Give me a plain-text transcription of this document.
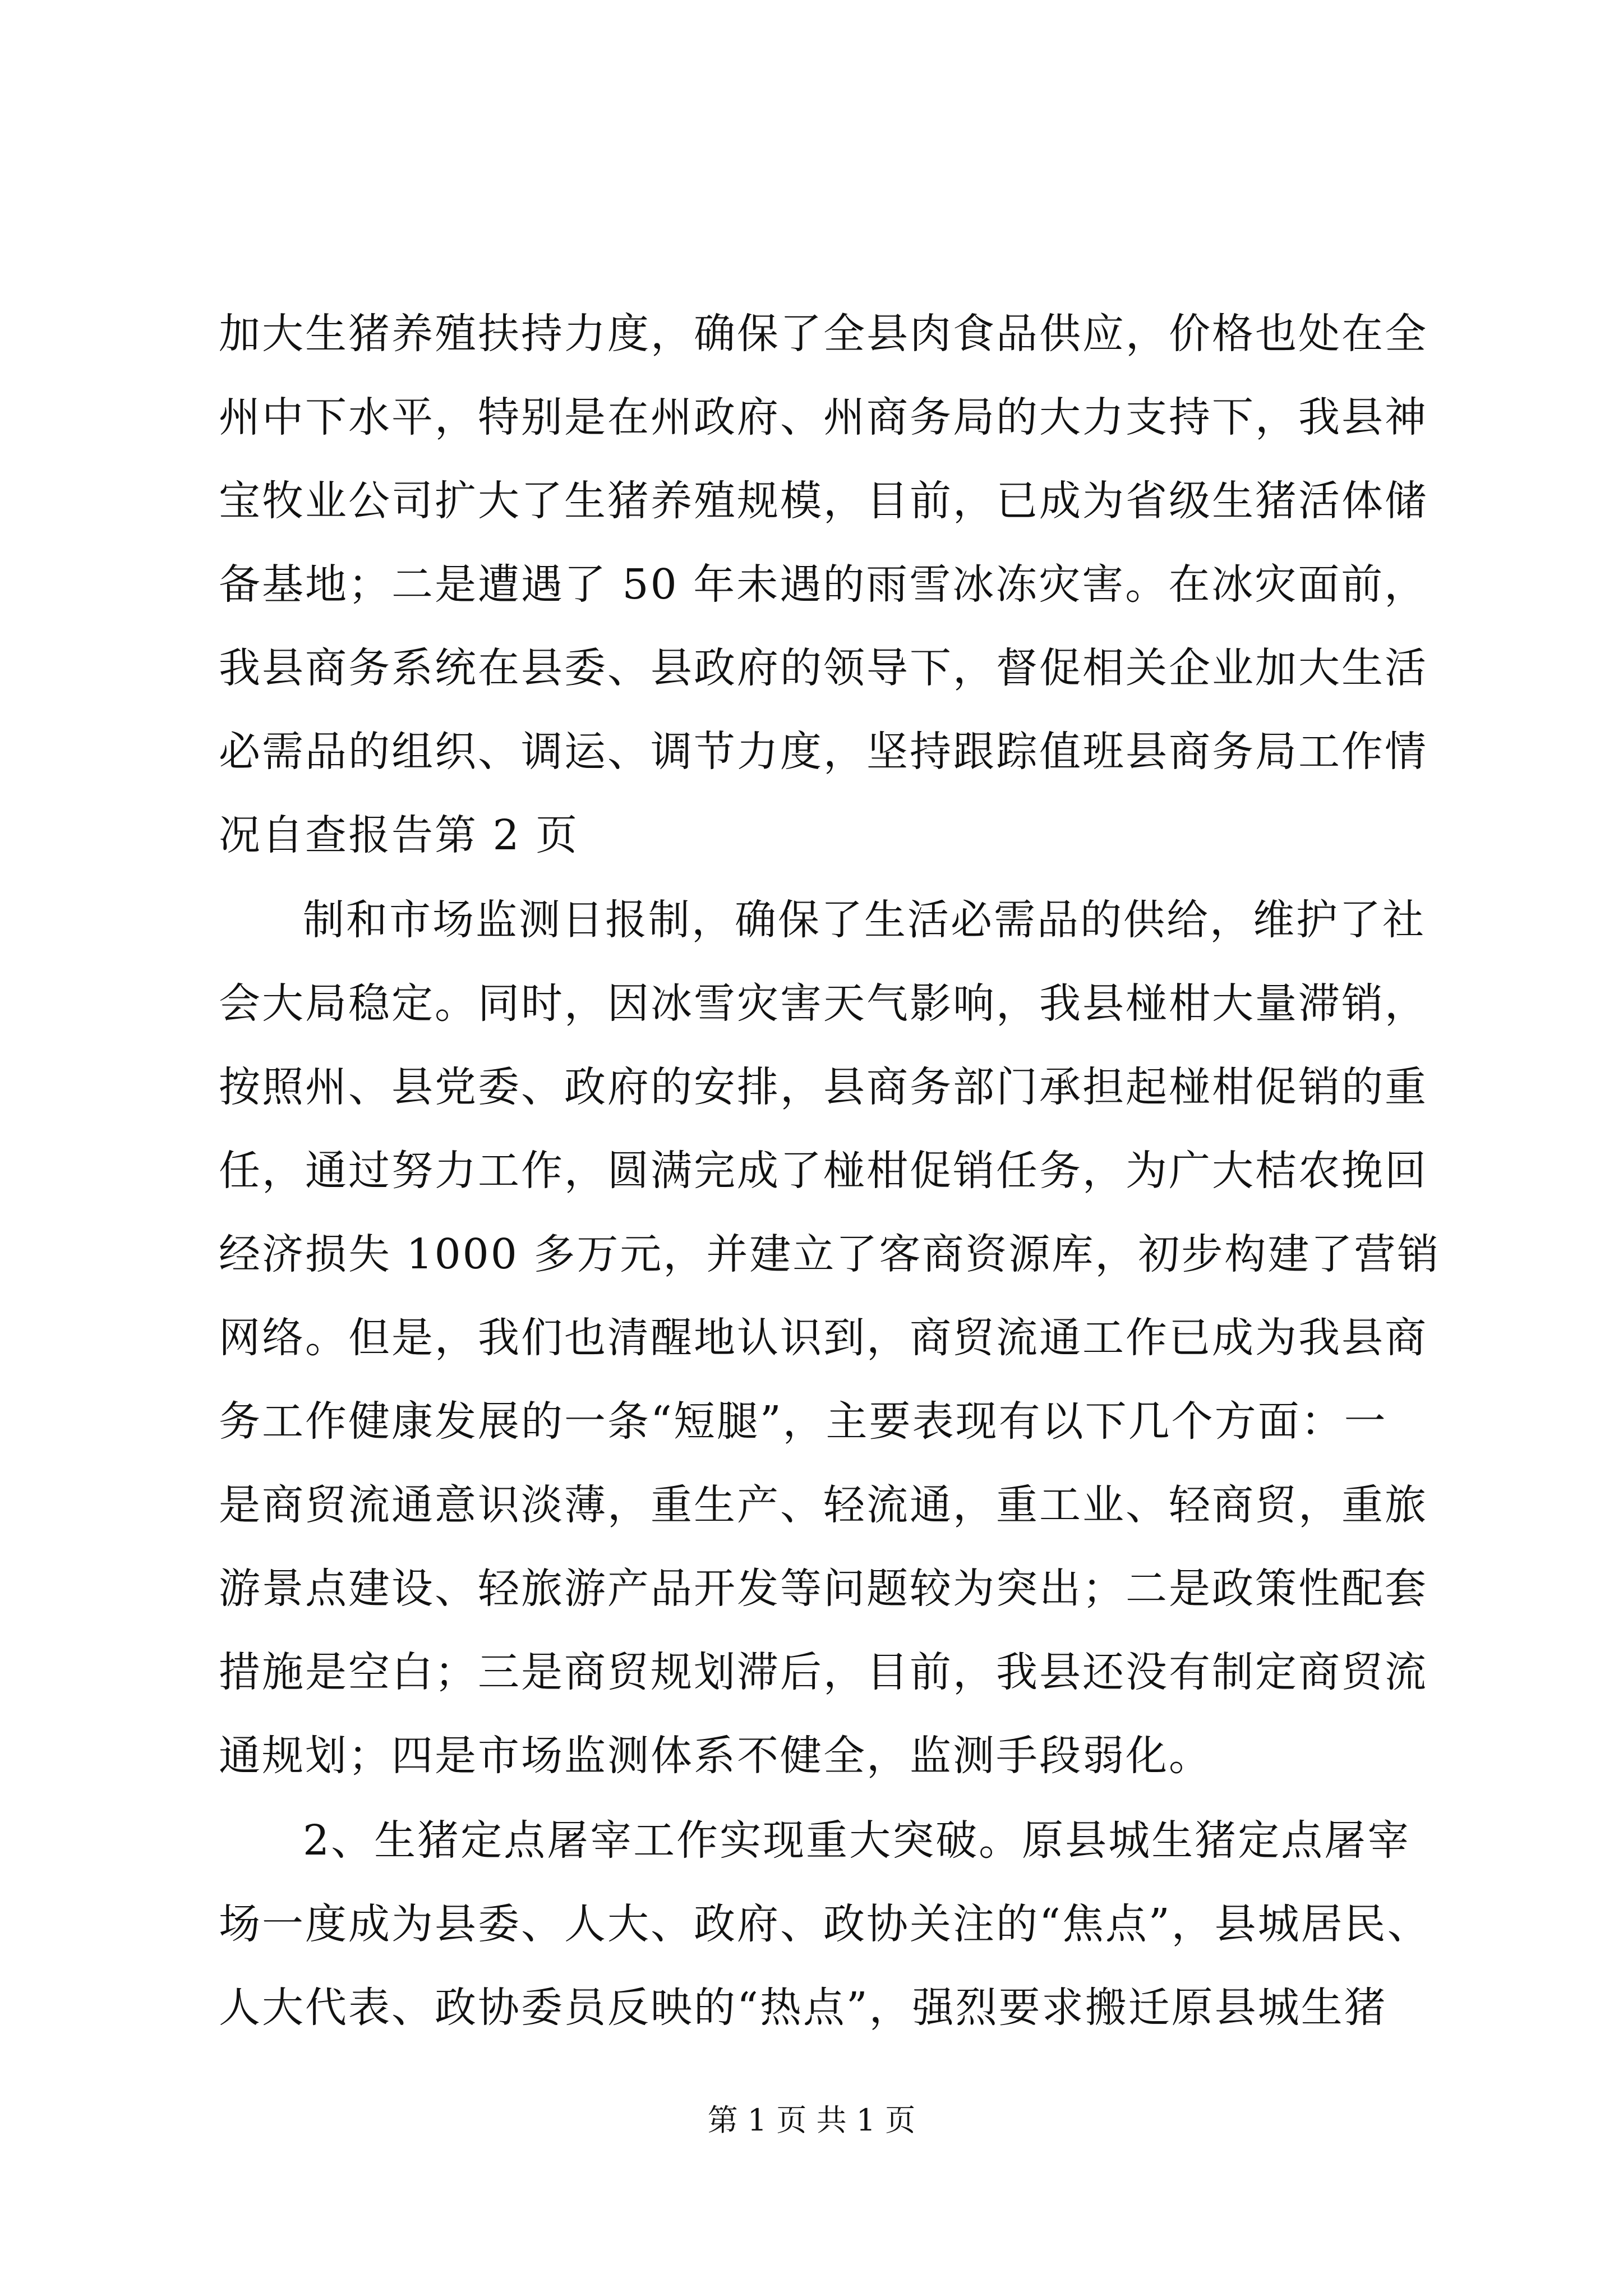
加大生猪养殖扶持力度，确保了全县肉食品供应，价格也处在全
州中下水平，特别是在州政府、州商务局的大力支持下，我县神
宝牧业公司扩大了生猪养殖规模，目前，已成为省级生猪活体储
备基地；二是遭遇了 50 年未遇的雨雪冰冻灾害。在冰灾面前，
我县商务系统在县委、县政府的领导下，督促相关企业加大生活
必需品的组织、调运、调节力度，坚持跟踪值班县商务局工作情
况自查报告第 2 页
制和市场监测日报制，确保了生活必需品的供给，维护了社
会大局稳定。同时，因冰雪灾害天气影响，我县椪柑大量滞销，
按照州、县党委、政府的安排，县商务部门承担起椪柑促销的重
任，通过努力工作，圆满完成了椪柑促销任务，为广大桔农挽回
经济损失 1000 多万元，并建立了客商资源库，初步构建了营销
网络。但是，我们也清醒地认识到，商贸流通工作已成为我县商
务工作健康发展的一条“短腿”，主要表现有以下几个方面：一
是商贸流通意识淡薄，重生产、轻流通，重工业、轻商贸，重旅
游景点建设、轻旅游产品开发等问题较为突出；二是政策性配套
措施是空白；三是商贸规划滞后，目前，我县还没有制定商贸流
通规划；四是市场监测体系不健全，监测手段弱化。
2、生猪定点屠宰工作实现重大突破。原县城生猪定点屠宰
场一度成为县委、人大、政府、政协关注的“焦点”，县城居民、
人大代表、政协委员反映的“热点”，强烈要求搬迁原县城生猪
第 1 页 共 1 页
